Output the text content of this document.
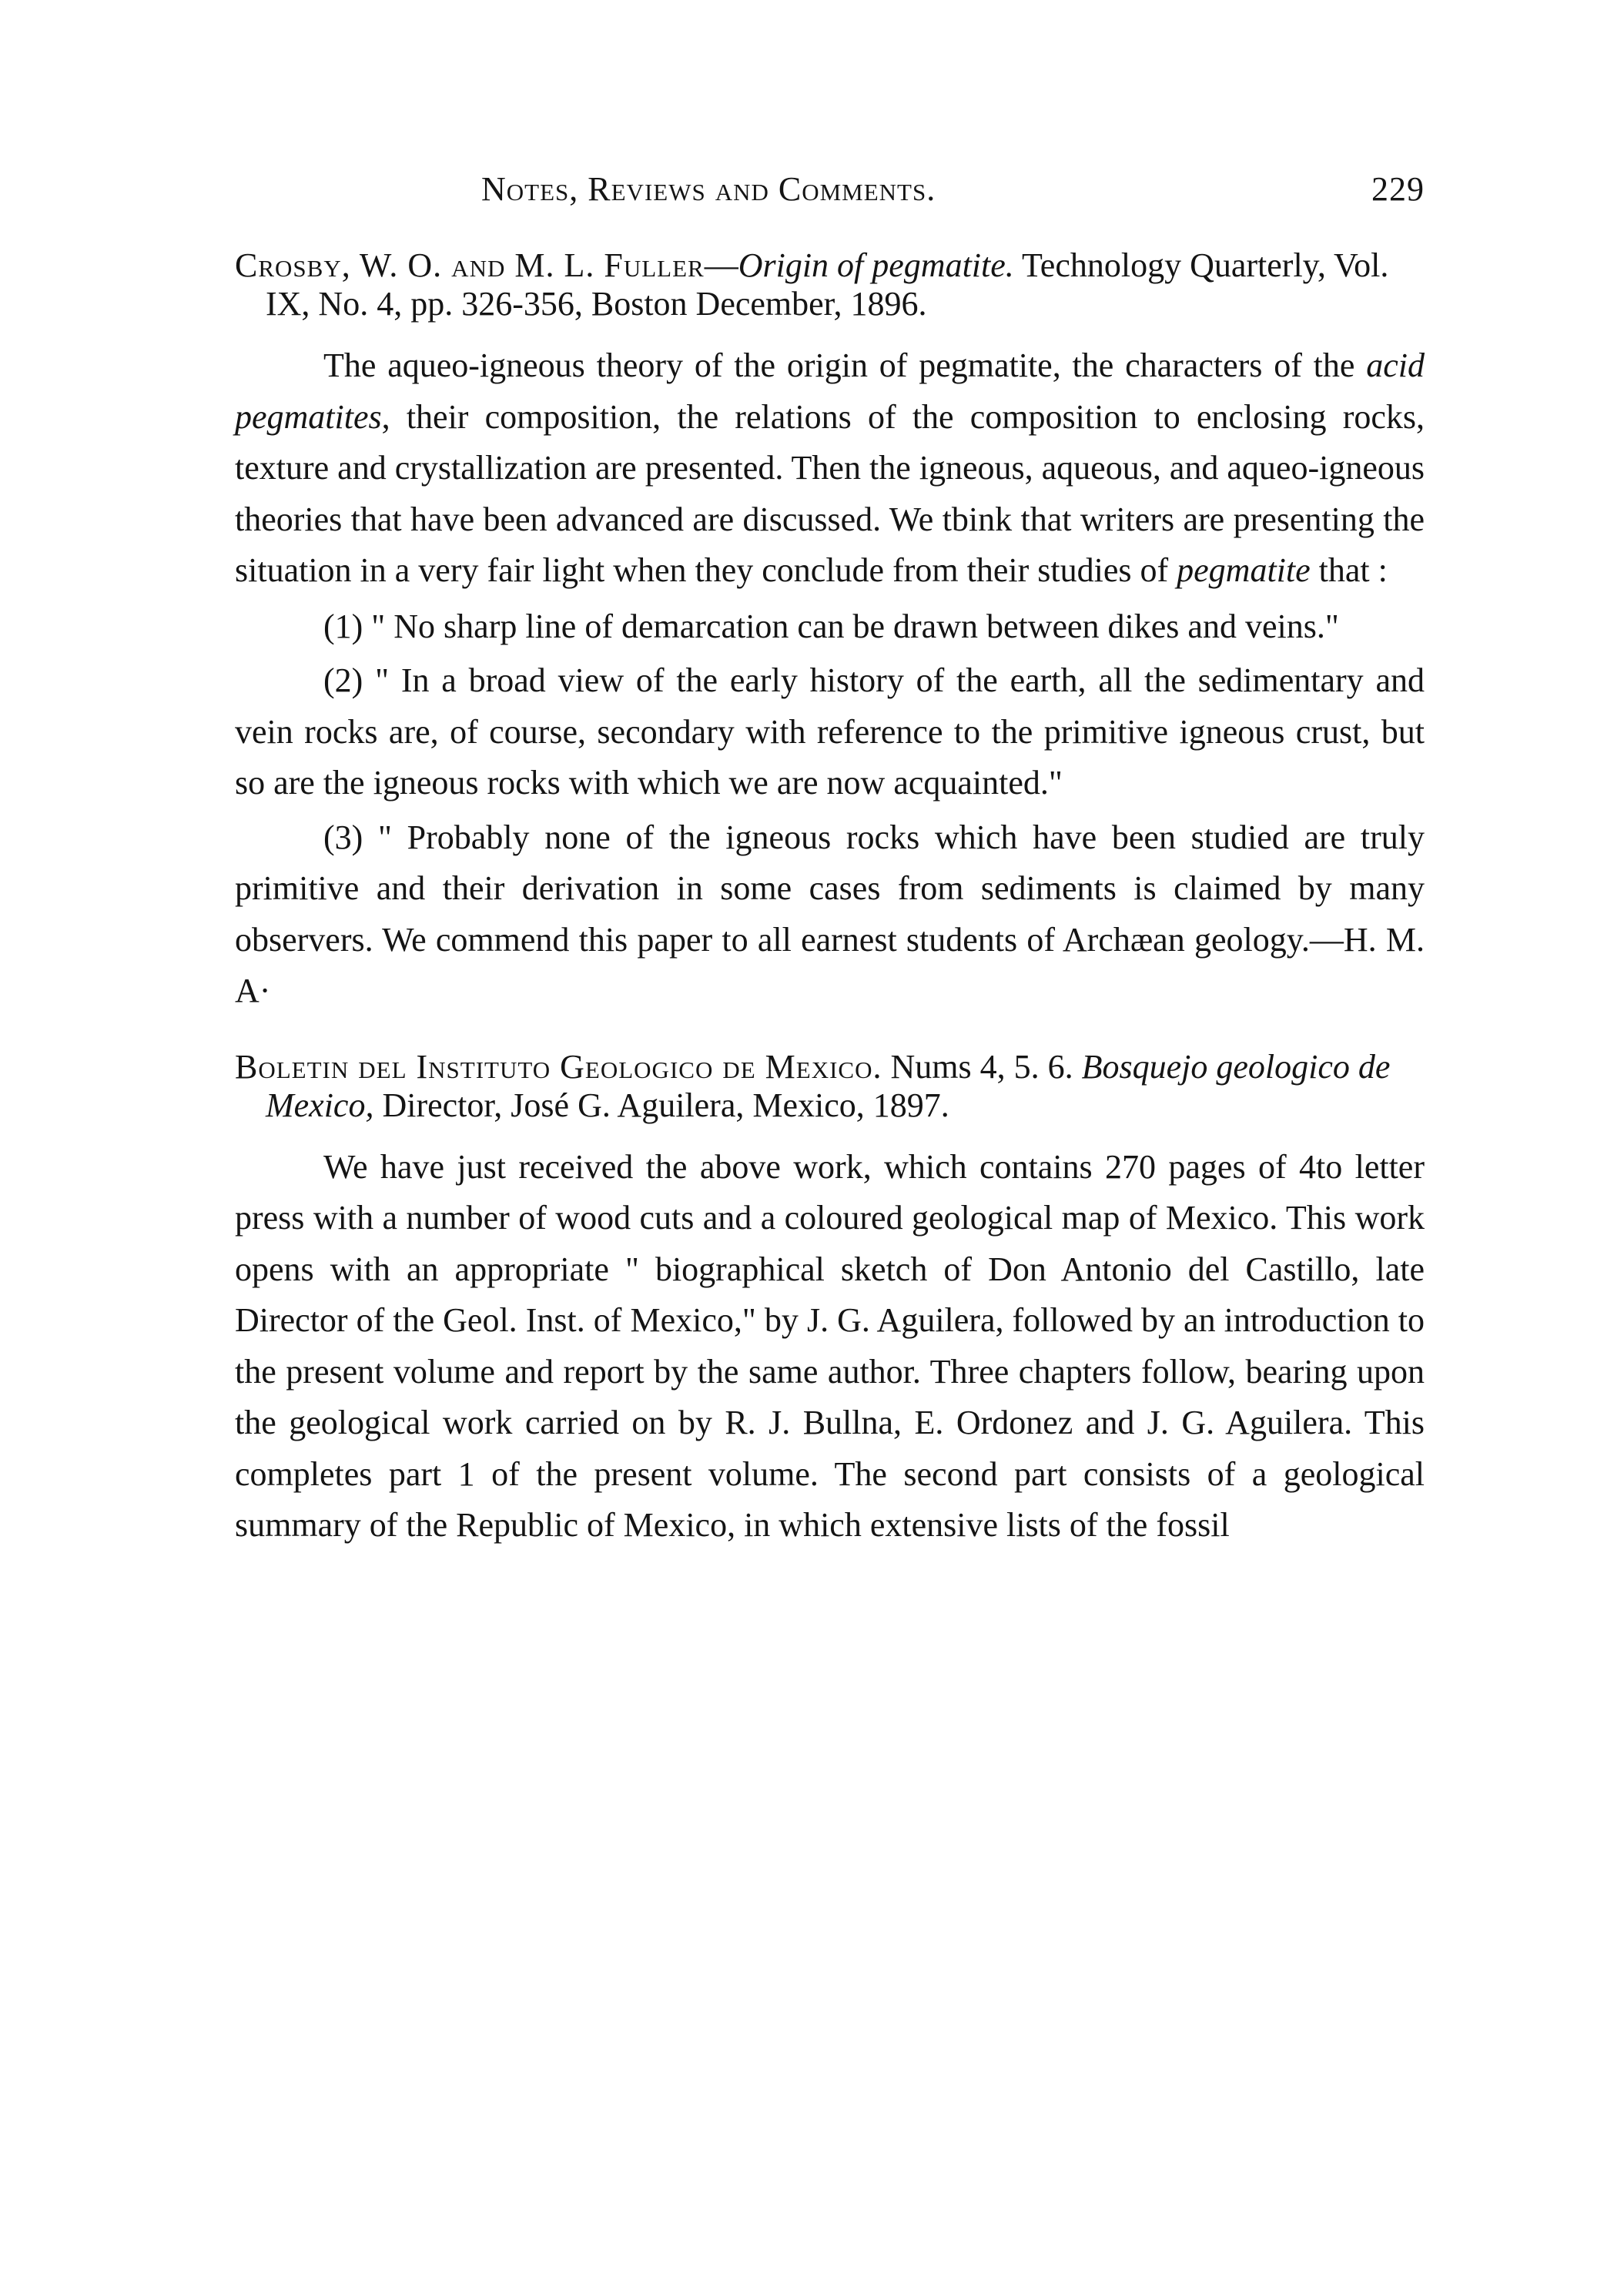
Notes, Reviews and Comments.	229

Crosby, W. O. and M. L. Fuller—Origin of pegmatite. Technology Quarterly, Vol. IX, No. 4, pp. 326-356, Boston December, 1896.

The aqueo-igneous theory of the origin of pegmatite, the characters of the acid pegmatites, their composition, the relations of the composition to enclosing rocks, texture and crystallization are presented. Then the igneous, aqueous, and aqueo-igneous theories that have been advanced are discussed. We tbink that writers are presenting the situation in a very fair light when they conclude from their studies of pegmatite that :

(1) " No sharp line of demarcation can be drawn between dikes and veins."

(2) " In a broad view of the early history of the earth, all the sedimentary and vein rocks are, of course, secondary with reference to the primitive igneous crust, but so are the igneous rocks with which we are now acquainted."

(3) " Probably none of the igneous rocks which have been studied are truly primitive and their derivation in some cases from sediments is claimed by many observers. We commend this paper to all earnest students of Archæan geology.—H. M. A·

Boletin del Instituto Geologico de Mexico. Nums 4, 5. 6. Bosquejo geologico de Mexico, Director, José G. Aguilera, Mexico, 1897.

We have just received the above work, which contains 270 pages of 4to letter press with a number of wood cuts and a coloured geological map of Mexico. This work opens with an appropriate " biographical sketch of Don Antonio del Castillo, late Director of the Geol. Inst. of Mexico," by J. G. Aguilera, followed by an introduction to the present volume and report by the same author. Three chapters follow, bearing upon the geological work carried on by R. J. Bullna, E. Ordonez and J. G. Aguilera. This completes part 1 of the present volume. The second part consists of a geological summary of the Republic of Mexico, in which extensive lists of the fossil
